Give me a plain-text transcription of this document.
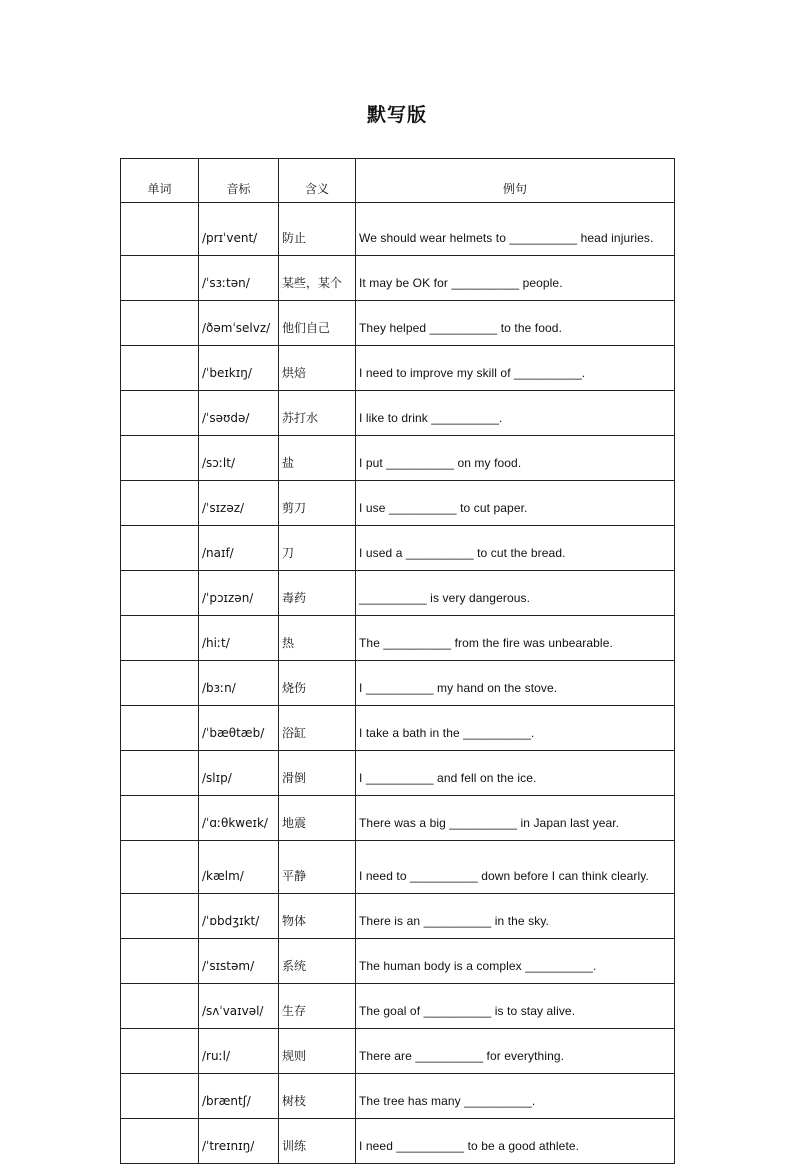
默写版
单词	音标	含义	例句
	/prɪˈvent/	防止	We should wear helmets to __________ head injuries.
	/ˈsɜːtən/	某些，某个	It may be OK for __________ people.
	/ðəmˈselvz/	他们自己	They helped __________ to the food.
	/ˈbeɪkɪŋ/	烘焙	I need to improve my skill of __________.
	/ˈsəʊdə/	苏打水	I like to drink __________.
	/sɔːlt/	盐	I put __________ on my food.
	/ˈsɪzəz/	剪刀	I use __________ to cut paper.
	/naɪf/	刀	I used a __________ to cut the bread.
	/ˈpɔɪzən/	毒药	__________ is very dangerous.
	/hiːt/	热	The __________ from the fire was unbearable.
	/bɜːn/	烧伤	I __________ my hand on the stove.
	/ˈbæθtæb/	浴缸	I take a bath in the __________.
	/slɪp/	滑倒	I __________ and fell on the ice.
	/ˈɑːθkweɪk/	地震	There was a big __________ in Japan last year.
	/kælm/	平静	I need to __________ down before I can think clearly.
	/ˈɒbdʒɪkt/	物体	There is an __________ in the sky.
	/ˈsɪstəm/	系统	The human body is a complex __________.
	/sʌˈvaɪvəl/	生存	The goal of __________ is to stay alive.
	/ruːl/	规则	There are __________ for everything.
	/bræntʃ/	树枝	The tree has many __________.
	/ˈtreɪnɪŋ/	训练	I need __________ to be a good athlete.
